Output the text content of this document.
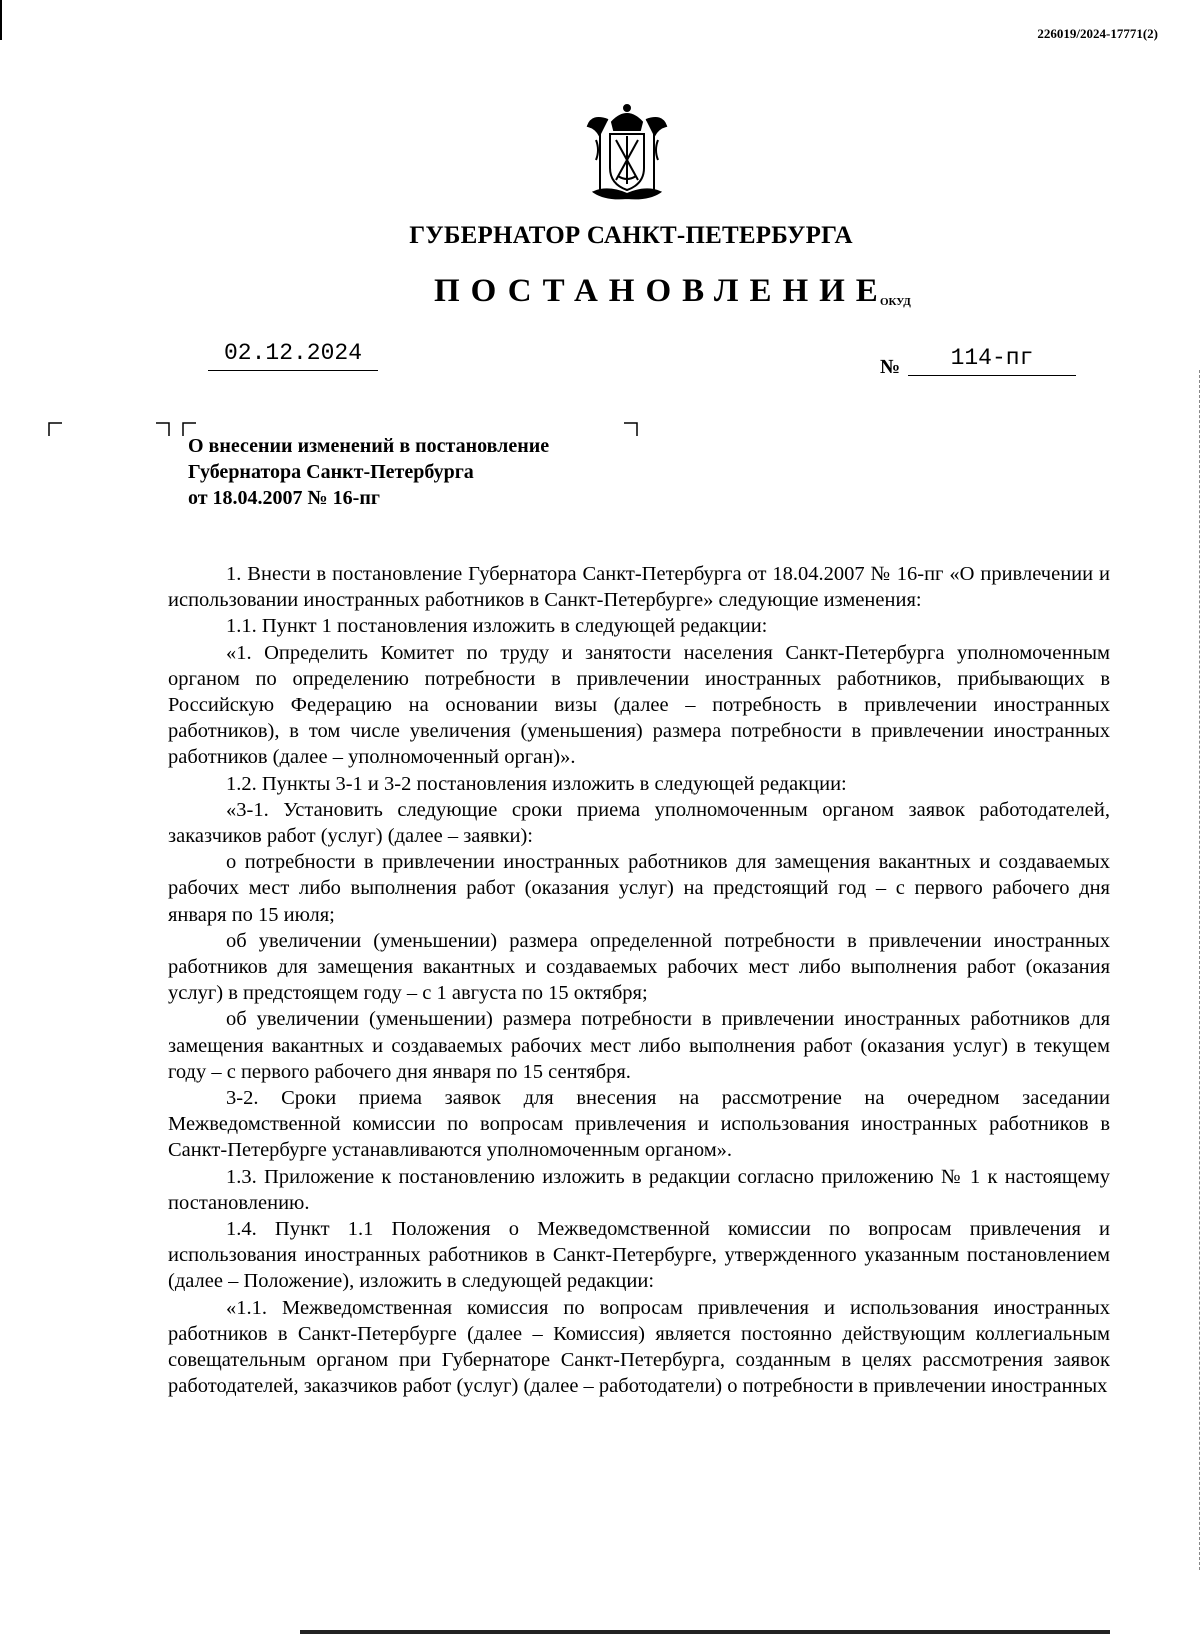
226019/2024-17771(2)
ГУБЕРНАТОР САНКТ-ПЕТЕРБУРГА
ПОСТАНОВЛЕНИЕ
ОКУД
02.12.2024
№	114-пг
О внесении изменений в постановление
Губернатора Санкт-Петербурга
от 18.04.2007 № 16-пг

1. Внести в постановление Губернатора Санкт-Петербурга от 18.04.2007 № 16-пг «О привлечении и использовании иностранных работников в Санкт-Петербурге» следующие изменения:

1.1. Пункт 1 постановления изложить в следующей редакции:

«1. Определить Комитет по труду и занятости населения Санкт-Петербурга уполномоченным органом по определению потребности в привлечении иностранных работников, прибывающих в Российскую Федерацию на основании визы (далее – потребность в привлечении иностранных работников), в том числе увеличения (уменьшения) размера потребности в привлечении иностранных работников (далее – уполномоченный орган)».

1.2. Пункты 3-1 и 3-2 постановления изложить в следующей редакции:

«3-1. Установить следующие сроки приема уполномоченным органом заявок работодателей, заказчиков работ (услуг) (далее – заявки):

о потребности в привлечении иностранных работников для замещения вакантных и создаваемых рабочих мест либо выполнения работ (оказания услуг) на предстоящий год – с первого рабочего дня января по 15 июля;

об увеличении (уменьшении) размера определенной потребности в привлечении иностранных работников для замещения вакантных и создаваемых рабочих мест либо выполнения работ (оказания услуг) в предстоящем году – с 1 августа по 15 октября;

об увеличении (уменьшении) размера потребности в привлечении иностранных работников для замещения вакантных и создаваемых рабочих мест либо выполнения работ (оказания услуг) в текущем году – с первого рабочего дня января по 15 сентября.

3-2. Сроки приема заявок для внесения на рассмотрение на очередном заседании Межведомственной комиссии по вопросам привлечения и использования иностранных работников в Санкт-Петербурге устанавливаются уполномоченным органом».

1.3. Приложение к постановлению изложить в редакции согласно приложению № 1 к настоящему постановлению.

1.4. Пункт 1.1 Положения о Межведомственной комиссии по вопросам привлечения и использования иностранных работников в Санкт-Петербурге, утвержденного указанным постановлением (далее – Положение), изложить в следующей редакции:

«1.1. Межведомственная комиссия по вопросам привлечения и использования иностранных работников в Санкт-Петербурге (далее – Комиссия) является постоянно действующим коллегиальным совещательным органом при Губернаторе Санкт-Петербурга, созданным в целях рассмотрения заявок работодателей, заказчиков работ (услуг) (далее – работодатели) о потребности в привлечении иностранных
